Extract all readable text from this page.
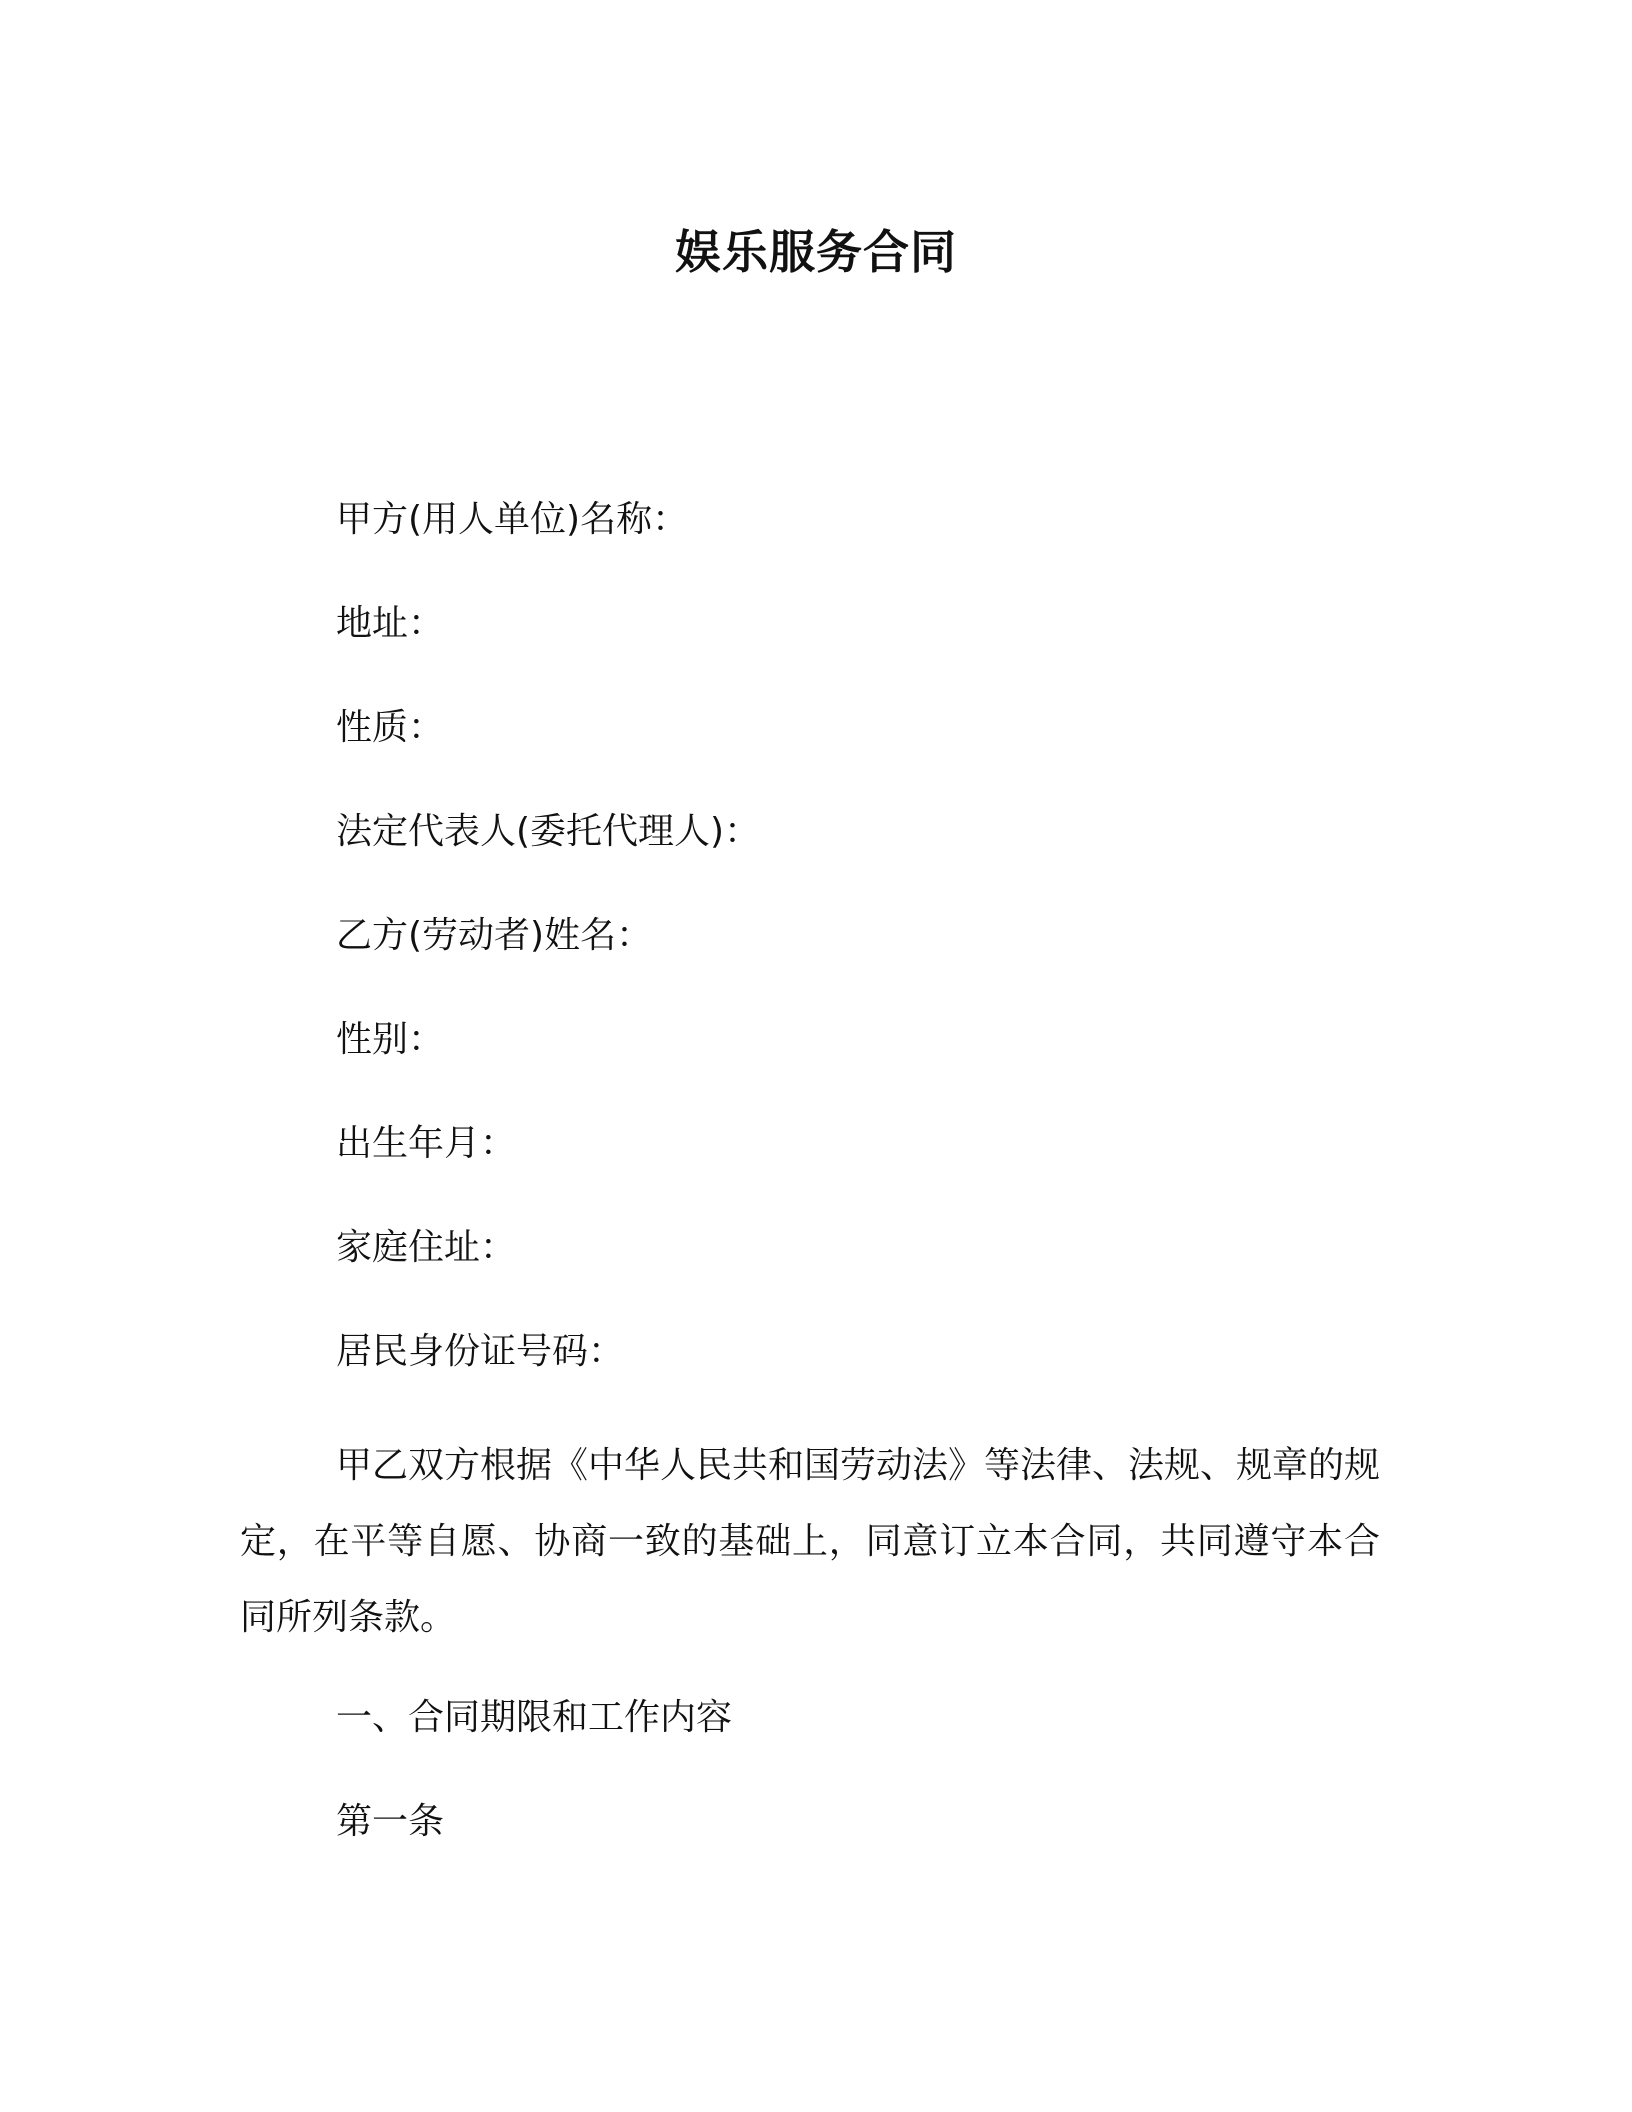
娱乐服务合同
甲方(用人单位)名称：
地址：
性质：
法定代表人(委托代理人)：
乙方(劳动者)姓名：
性别：
出生年月：
家庭住址：
居民身份证号码：

甲乙双方根据《中华人民共和国劳动法》等法律、法规、规章的规定，在平等自愿、协商一致的基础上，同意订立本合同，共同遵守本合同所列条款。

一、合同期限和工作内容
第一条
